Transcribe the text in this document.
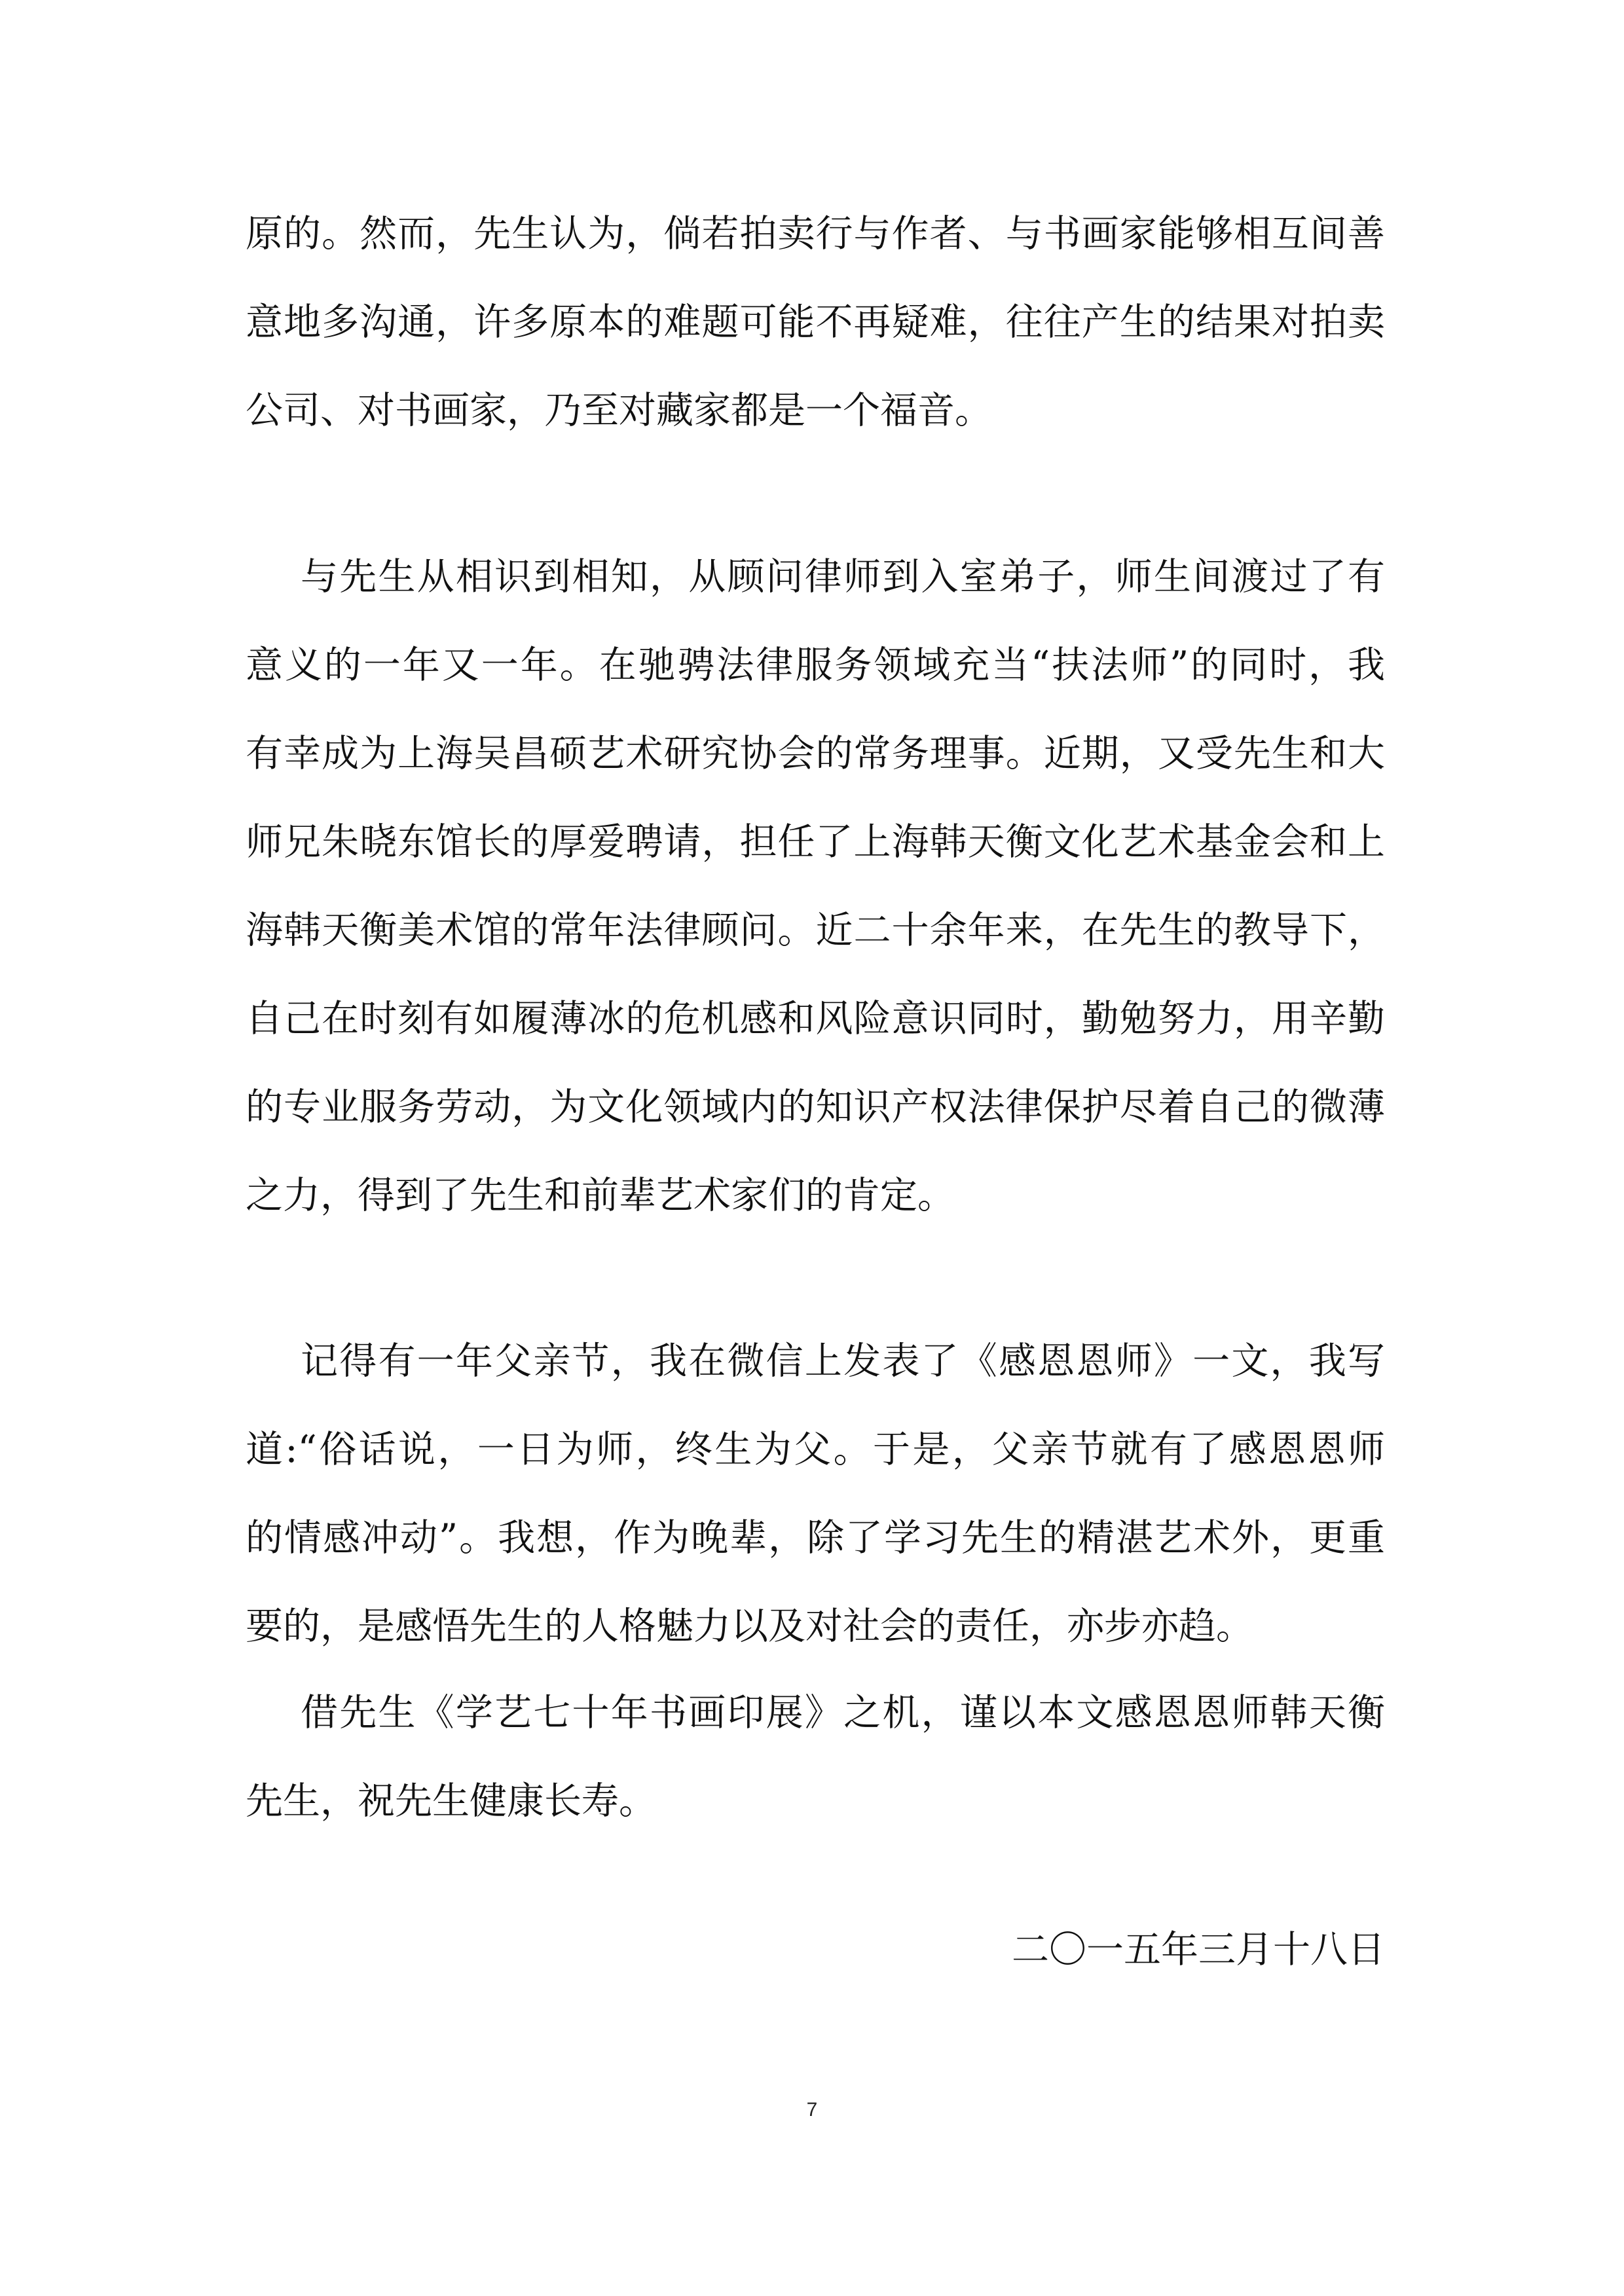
原的。然而，先生认为，倘若拍卖行与作者、与书画家能够相互间善
意地多沟通，许多原本的难题可能不再疑难，往往产生的结果对拍卖
公司、对书画家，乃至对藏家都是一个福音。
与先生从相识到相知，从顾问律师到入室弟子，师生间渡过了有
意义的一年又一年。在驰骋法律服务领域充当“扶法师”的同时，我
有幸成为上海吴昌硕艺术研究协会的常务理事。近期，又受先生和大
师兄朱晓东馆长的厚爱聘请，担任了上海韩天衡文化艺术基金会和上
海韩天衡美术馆的常年法律顾问。近二十余年来，在先生的教导下，
自己在时刻有如履薄冰的危机感和风险意识同时，勤勉努力，用辛勤
的专业服务劳动，为文化领域内的知识产权法律保护尽着自己的微薄
之力，得到了先生和前辈艺术家们的肯定。
记得有一年父亲节，我在微信上发表了《感恩恩师》一文，我写
道:“俗话说，一日为师，终生为父。于是，父亲节就有了感恩恩师
的情感冲动”。我想，作为晚辈，除了学习先生的精湛艺术外，更重
要的，是感悟先生的人格魅力以及对社会的责任，亦步亦趋。
借先生《学艺七十年书画印展》之机，谨以本文感恩恩师韩天衡
先生，祝先生健康长寿。
二〇一五年三月十八日
7
